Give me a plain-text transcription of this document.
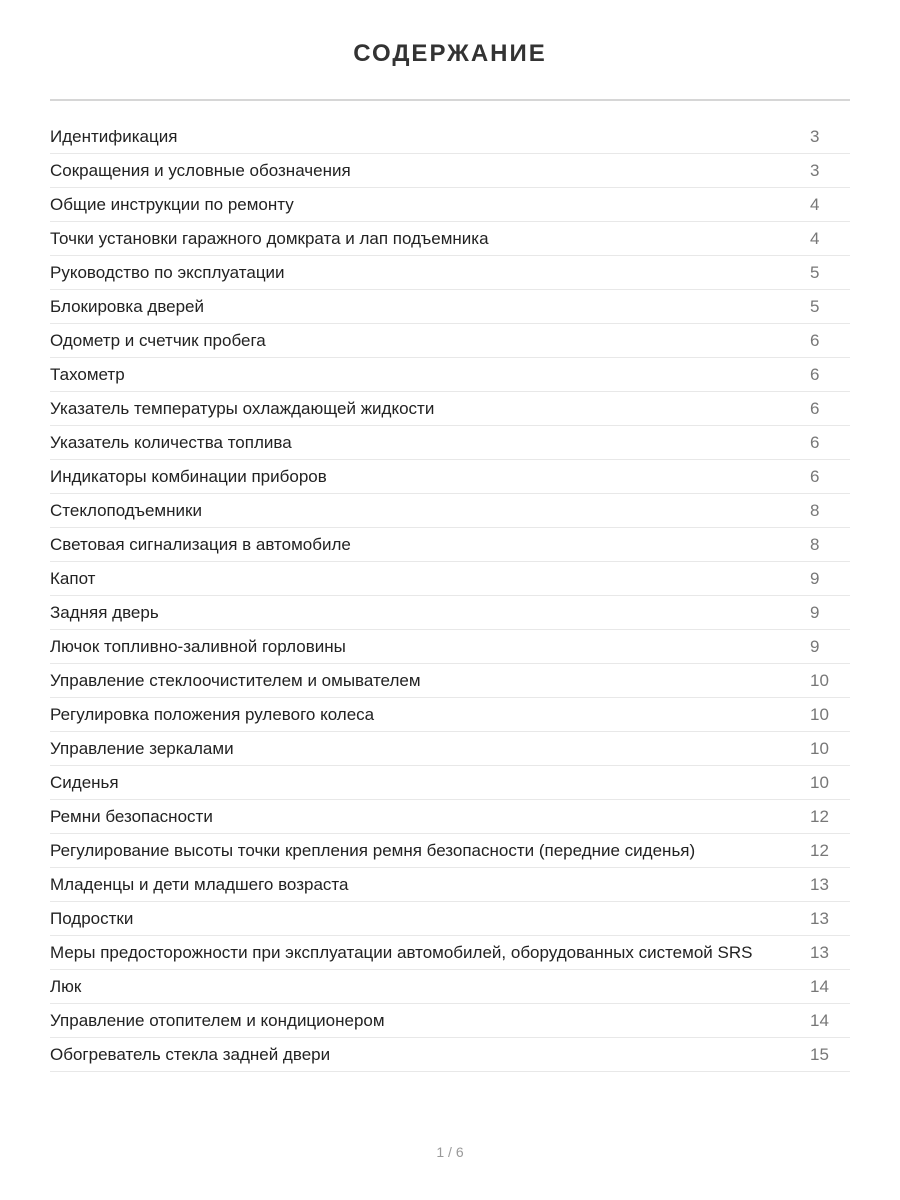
СОДЕРЖАНИЕ
Идентификация	3
Сокращения и условные обозначения	3
Общие инструкции по ремонту	4
Точки установки гаражного домкрата и лап подъемника	4
Руководство по эксплуатации	5
Блокировка дверей	5
Одометр и счетчик пробега	6
Тахометр	6
Указатель температуры охлаждающей жидкости	6
Указатель количества топлива	6
Индикаторы комбинации приборов	6
Стеклоподъемники	8
Световая сигнализация в автомобиле	8
Капот	9
Задняя дверь	9
Лючок топливно-заливной горловины	9
Управление стеклоочистителем и омывателем	10
Регулировка положения рулевого колеса	10
Управление зеркалами	10
Сиденья	10
Ремни безопасности	12
Регулирование высоты точки крепления ремня безопасности (передние сиденья)	12
Младенцы и дети младшего возраста	13
Подростки	13
Меры предосторожности при эксплуатации автомобилей, оборудованных системой SRS	13
Люк	14
Управление отопителем и кондиционером	14
Обогреватель стекла задней двери	15
1 / 6
